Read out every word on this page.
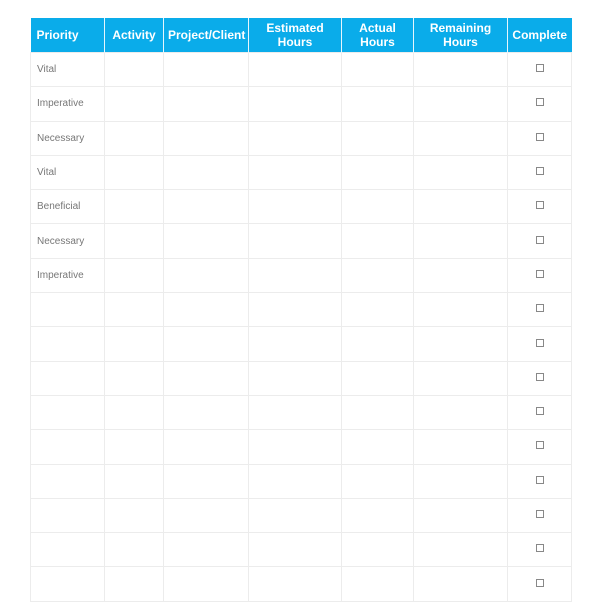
Priority	Activity	Project/Client	Estimated Hours	Actual Hours	Remaining Hours	Complete
Vital						
Imperative						
Necessary						
Vital						
Beneficial						
Necessary						
Imperative						
